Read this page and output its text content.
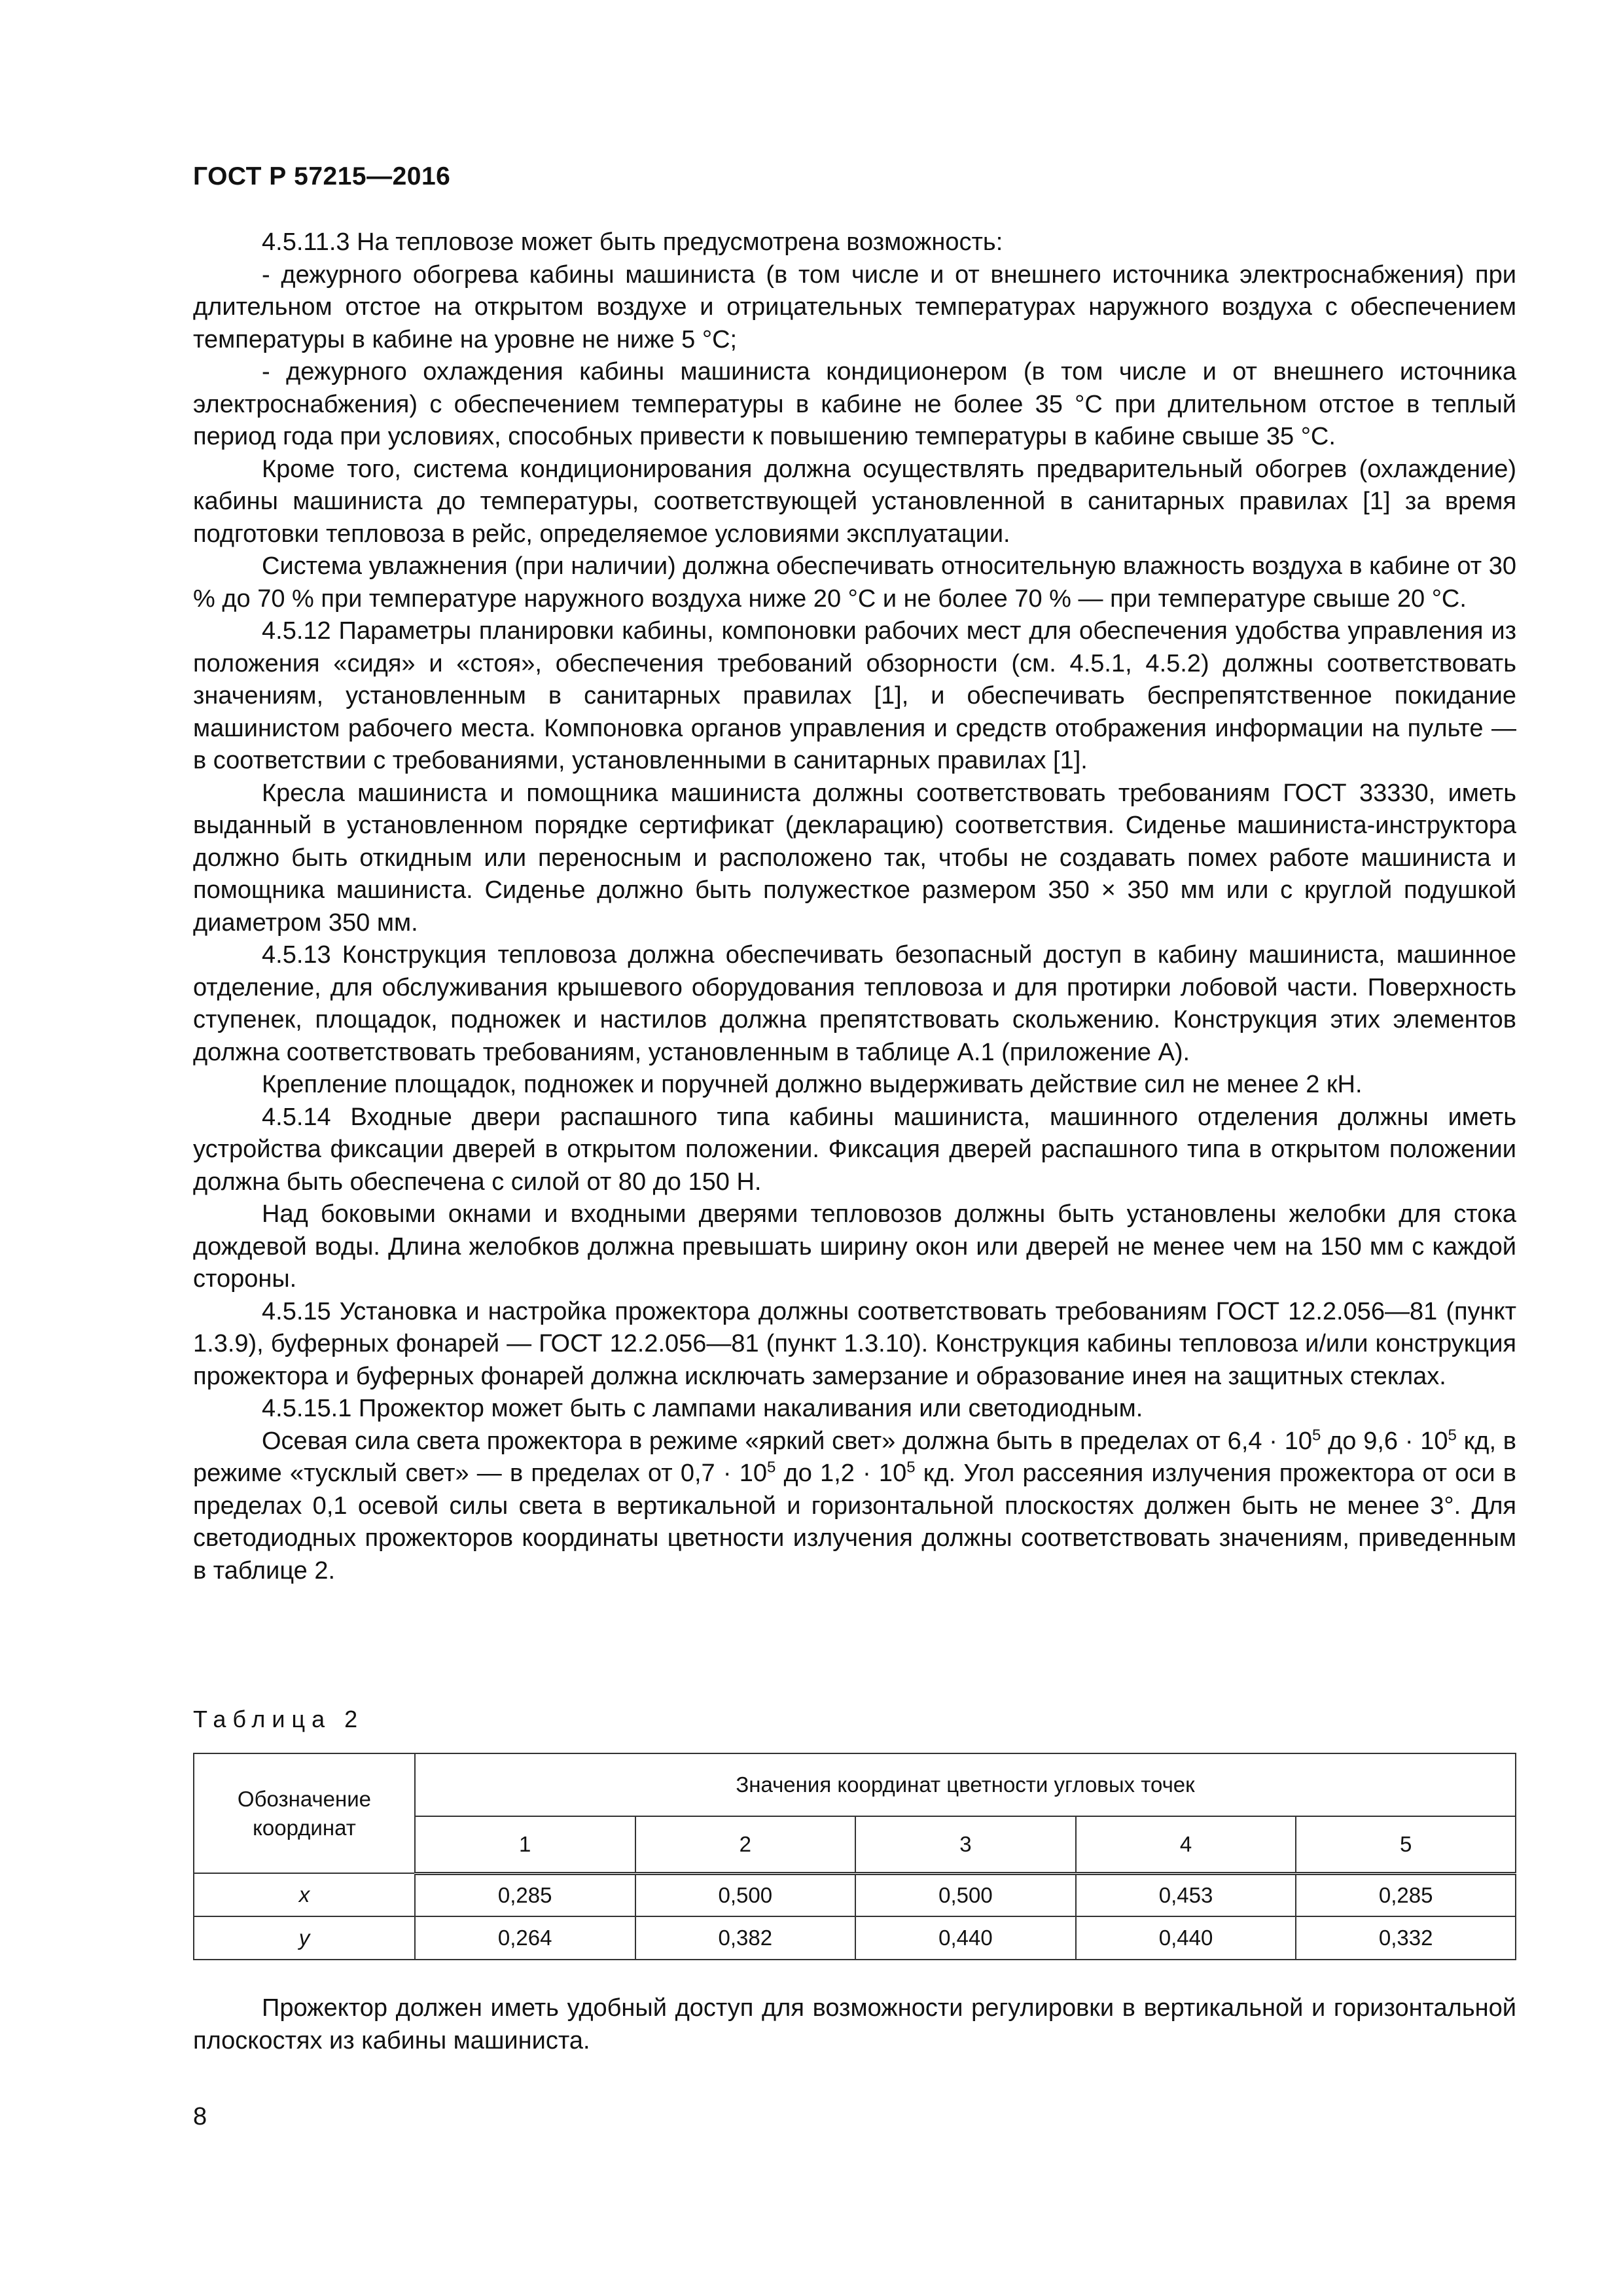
ГОСТ Р 57215—2016

4.5.11.3 На тепловозе может быть предусмотрена возможность:

- дежурного обогрева кабины машиниста (в том числе и от внешнего источника электроснабжения) при длительном отстое на открытом воздухе и отрицательных температурах наружного воздуха с обеспечением температуры в кабине на уровне не ниже 5 °С;

- дежурного охлаждения кабины машиниста кондиционером (в том числе и от внешнего источника электроснабжения) с обеспечением температуры в кабине не более 35 °С при длительном отстое в теплый период года при условиях, способных привести к повышению температуры в кабине свыше 35 °С.

Кроме того, система кондиционирования должна осуществлять предварительный обогрев (охлаждение) кабины машиниста до температуры, соответствующей установленной в санитарных правилах [1] за время подготовки тепловоза в рейс, определяемое условиями эксплуатации.

Система увлажнения (при наличии) должна обеспечивать относительную влажность воздуха в кабине от 30 % до 70 % при температуре наружного воздуха ниже 20 °С и не более 70 % — при температуре свыше 20 °С.

4.5.12 Параметры планировки кабины, компоновки рабочих мест для обеспечения удобства управления из положения «сидя» и «стоя», обеспечения требований обзорности (см. 4.5.1, 4.5.2) должны соответствовать значениям, установленным в санитарных правилах [1], и обеспечивать беспрепятственное покидание машинистом рабочего места. Компоновка органов управления и средств отображения информации на пульте — в соответствии с требованиями, установленными в санитарных правилах [1].

Кресла машиниста и помощника машиниста должны соответствовать требованиям ГОСТ 33330, иметь выданный в установленном порядке сертификат (декларацию) соответствия. Сиденье машиниста-инструктора должно быть откидным или переносным и расположено так, чтобы не создавать помех работе машиниста и помощника машиниста. Сиденье должно быть полужесткое размером 350 × 350 мм или с круглой подушкой диаметром 350 мм.

4.5.13 Конструкция тепловоза должна обеспечивать безопасный доступ в кабину машиниста, машинное отделение, для обслуживания крышевого оборудования тепловоза и для протирки лобовой части. Поверхность ступенек, площадок, подножек и настилов должна препятствовать скольжению. Конструкция этих элементов должна соответствовать требованиям, установленным в таблице А.1 (приложение А).

Крепление площадок, подножек и поручней должно выдерживать действие сил не менее 2 кН.

4.5.14 Входные двери распашного типа кабины машиниста, машинного отделения должны иметь устройства фиксации дверей в открытом положении. Фиксация дверей распашного типа в открытом положении должна быть обеспечена с силой от 80 до 150 Н.

Над боковыми окнами и входными дверями тепловозов должны быть установлены желобки для стока дождевой воды. Длина желобков должна превышать ширину окон или дверей не менее чем на 150 мм с каждой стороны.

4.5.15 Установка и настройка прожектора должны соответствовать требованиям ГОСТ 12.2.056—81 (пункт 1.3.9), буферных фонарей — ГОСТ 12.2.056—81 (пункт 1.3.10). Конструкция кабины тепловоза и/или конструкция прожектора и буферных фонарей должна исключать замерзание и образование инея на защитных стеклах.

4.5.15.1 Прожектор может быть с лампами накаливания или светодиодным.

Осевая сила света прожектора в режиме «яркий свет» должна быть в пределах от $6,4 \cdot 10^5$ до $9,6 \cdot 10^5$ кд, в режиме «тусклый свет» — в пределах от $0,7 \cdot 10^5$ до $1,2 \cdot 10^5$ кд. Угол рассеяния излучения прожектора от оси в пределах 0,1 осевой силы света в вертикальной и горизонтальной плоскостях должен быть не менее 3°. Для светодиодных прожекторов координаты цветности излучения должны соответствовать значениям, приведенным в таблице 2.

Таблица 2
Обозначение координат	Значения координат цветности угловых точек				
	1	2	3	4	5
x	0,285	0,500	0,500	0,453	0,285
y	0,264	0,382	0,440	0,440	0,332

Прожектор должен иметь удобный доступ для возможности регулировки в вертикальной и горизонтальной плоскостях из кабины машиниста.

8
